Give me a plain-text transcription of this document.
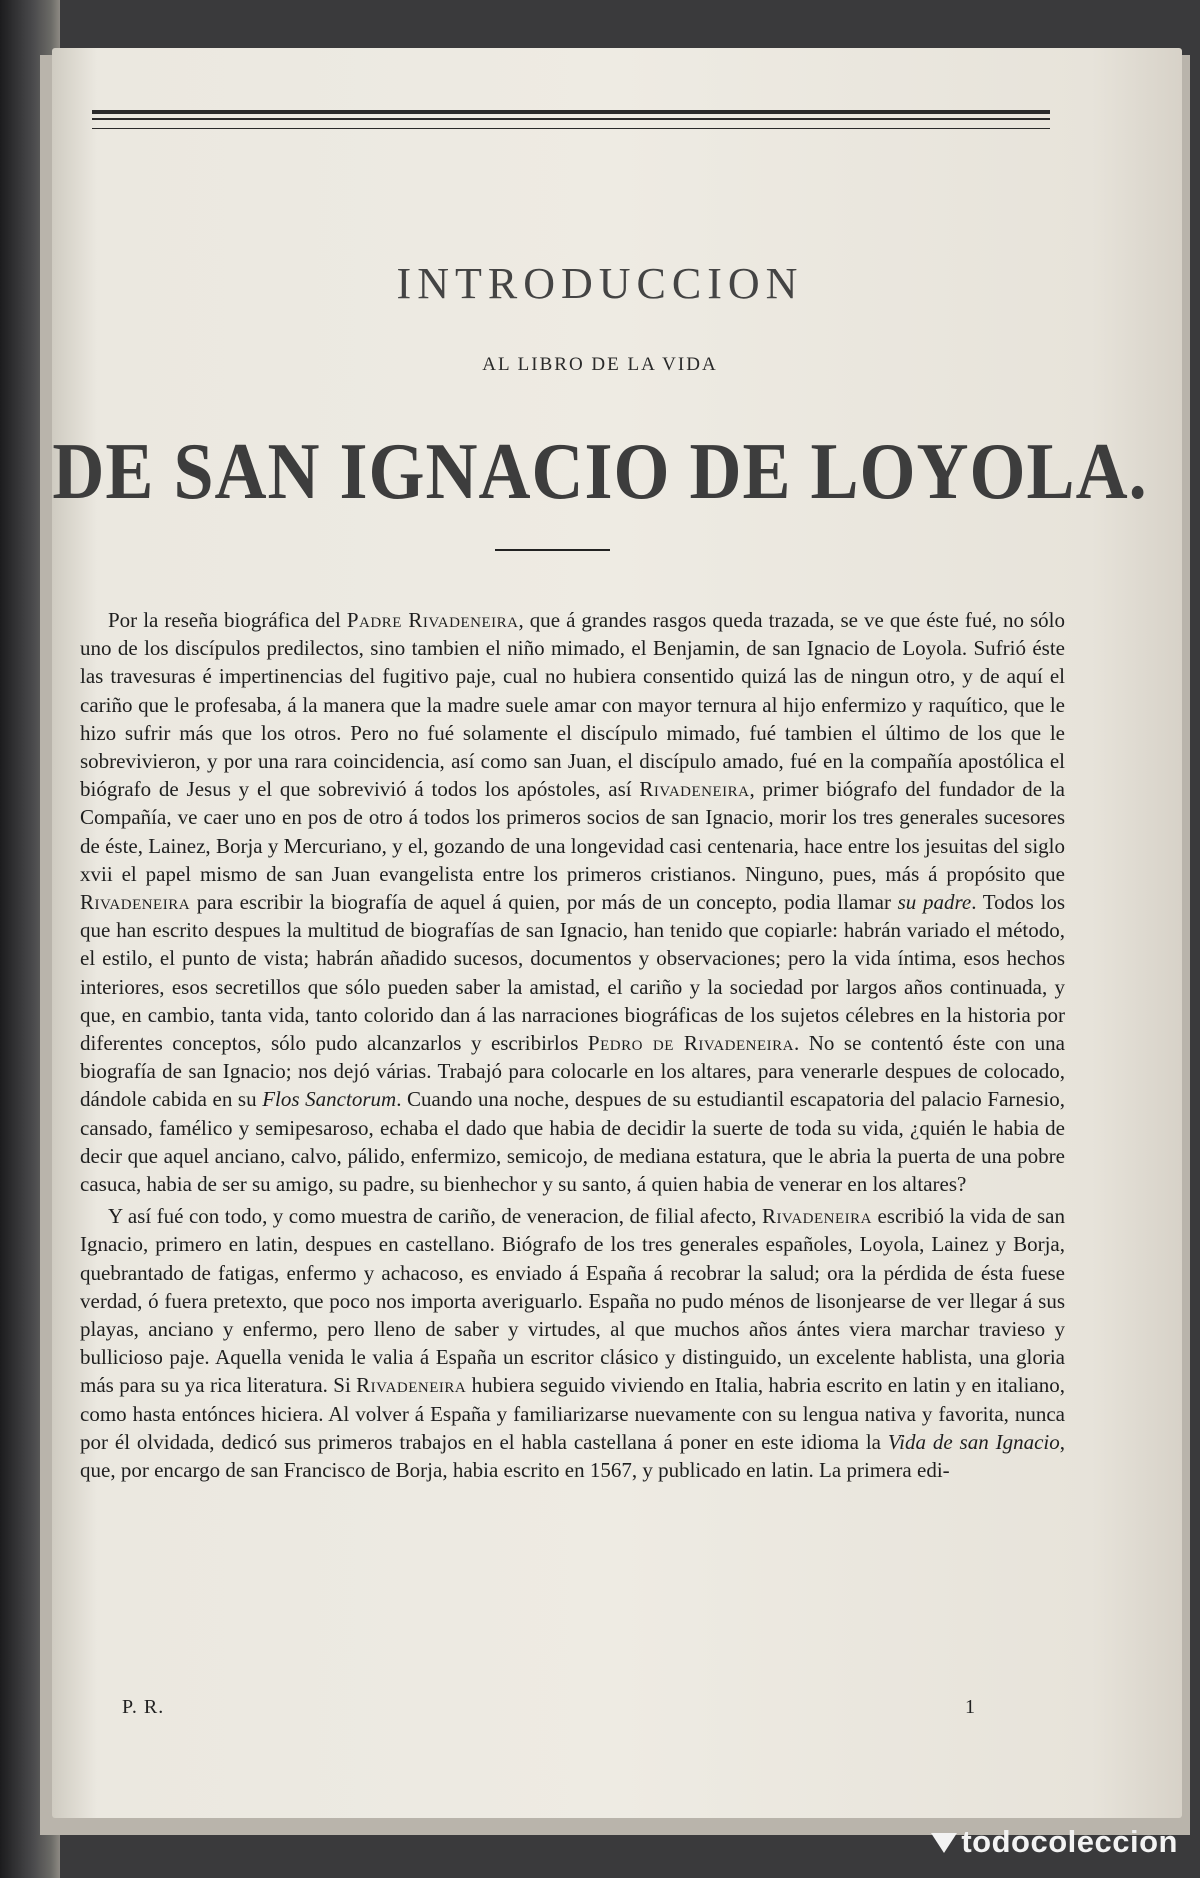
INTRODUCCION
AL LIBRO DE LA VIDA
DE SAN IGNACIO DE LOYOLA.

Por la reseña biográfica del Padre Rivadeneira, que á grandes rasgos queda trazada, se ve que éste fué, no sólo uno de los discípulos predilectos, sino tambien el niño mimado, el Benjamin, de san Ignacio de Loyola. Sufrió éste las travesuras é impertinencias del fugitivo paje, cual no hubiera consentido quizá las de ningun otro, y de aquí el cariño que le profesaba, á la manera que la madre suele amar con mayor ternura al hijo enfermizo y raquítico, que le hizo sufrir más que los otros. Pero no fué solamente el discípulo mimado, fué tambien el último de los que le sobrevivieron, y por una rara coincidencia, así como san Juan, el discípulo amado, fué en la compañía apostólica el biógrafo de Jesus y el que sobrevivió á todos los apóstoles, así Rivadeneira, primer biógrafo del fundador de la Compañía, ve caer uno en pos de otro á todos los primeros socios de san Ignacio, morir los tres generales sucesores de éste, Lainez, Borja y Mercuriano, y el, gozando de una longevidad casi centenaria, hace entre los jesuitas del siglo xvii el papel mismo de san Juan evangelista entre los primeros cristianos. Ninguno, pues, más á propósito que Rivadeneira para escribir la biografía de aquel á quien, por más de un concepto, podia llamar su padre. Todos los que han escrito despues la multitud de biografías de san Ignacio, han tenido que copiarle: habrán variado el método, el estilo, el punto de vista; habrán añadido sucesos, documentos y observaciones; pero la vida íntima, esos hechos interiores, esos secretillos que sólo pueden saber la amistad, el cariño y la sociedad por largos años continuada, y que, en cambio, tanta vida, tanto colorido dan á las narraciones biográficas de los sujetos célebres en la historia por diferentes conceptos, sólo pudo alcanzarlos y escribirlos Pedro de Rivadeneira. No se contentó éste con una biografía de san Ignacio; nos dejó várias. Trabajó para colocarle en los altares, para venerarle despues de colocado, dándole cabida en su Flos Sanctorum. Cuando una noche, despues de su estudiantil escapatoria del palacio Farnesio, cansado, famélico y semipesaroso, echaba el dado que habia de decidir la suerte de toda su vida, ¿quién le habia de decir que aquel anciano, calvo, pálido, enfermizo, semicojo, de mediana estatura, que le abria la puerta de una pobre casuca, habia de ser su amigo, su padre, su bienhechor y su santo, á quien habia de venerar en los altares?

Y así fué con todo, y como muestra de cariño, de veneracion, de filial afecto, Rivadeneira escribió la vida de san Ignacio, primero en latin, despues en castellano. Biógrafo de los tres generales españoles, Loyola, Lainez y Borja, quebrantado de fatigas, enfermo y achacoso, es enviado á España á recobrar la salud; ora la pérdida de ésta fuese verdad, ó fuera pretexto, que poco nos importa averiguarlo. España no pudo ménos de lisonjearse de ver llegar á sus playas, anciano y enfermo, pero lleno de saber y virtudes, al que muchos años ántes viera marchar travieso y bullicioso paje. Aquella venida le valia á España un escritor clásico y distinguido, un excelente hablista, una gloria más para su ya rica literatura. Si Rivadeneira hubiera seguido viviendo en Italia, habria escrito en latin y en italiano, como hasta entónces hiciera. Al volver á España y familiarizarse nuevamente con su lengua nativa y favorita, nunca por él olvidada, dedicó sus primeros trabajos en el habla castellana á poner en este idioma la Vida de san Ignacio, que, por encargo de san Francisco de Borja, habia escrito en 1567, y publicado en latin. La primera edi-

P. R.	1
todocoleccion
